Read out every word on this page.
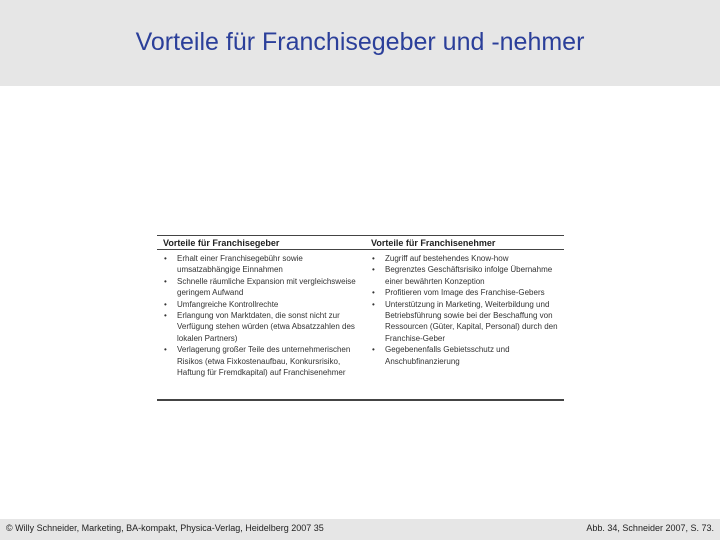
Vorteile für Franchisegeber und -nehmer
Vorteile für Franchisegeber
• Erhalt einer Franchisegebühr sowie umsatzabhängige Einnahmen
• Schnelle räumliche Expansion mit vergleichsweise geringem Aufwand
• Umfangreiche Kontrollrechte
• Erlangung von Marktdaten, die sonst nicht zur Verfügung stehen würden (etwa Absatzzahlen des lokalen Partners)
• Verlagerung großer Teile des unternehmerischen Risikos (etwa Fixkostenaufbau, Konkursrisiko, Haftung für Fremdkapital) auf Franchisenehmer
Vorteile für Franchisenehmer
• Zugriff auf bestehendes Know-how
• Begrenztes Geschäftsrisiko infolge Übernahme einer bewährten Konzeption
• Profitieren vom Image des Franchise-Gebers
• Unterstützung in Marketing, Weiterbildung und Betriebsführung sowie bei der Beschaffung von Ressourcen (Güter, Kapital, Personal) durch den Franchise-Geber
• Gegebenenfalls Gebietsschutz und Anschubfinanzierung
© Willy Schneider, Marketing, BA-kompakt, Physica-Verlag, Heidelberg 2007 35	Abb. 34, Schneider 2007, S. 73.
